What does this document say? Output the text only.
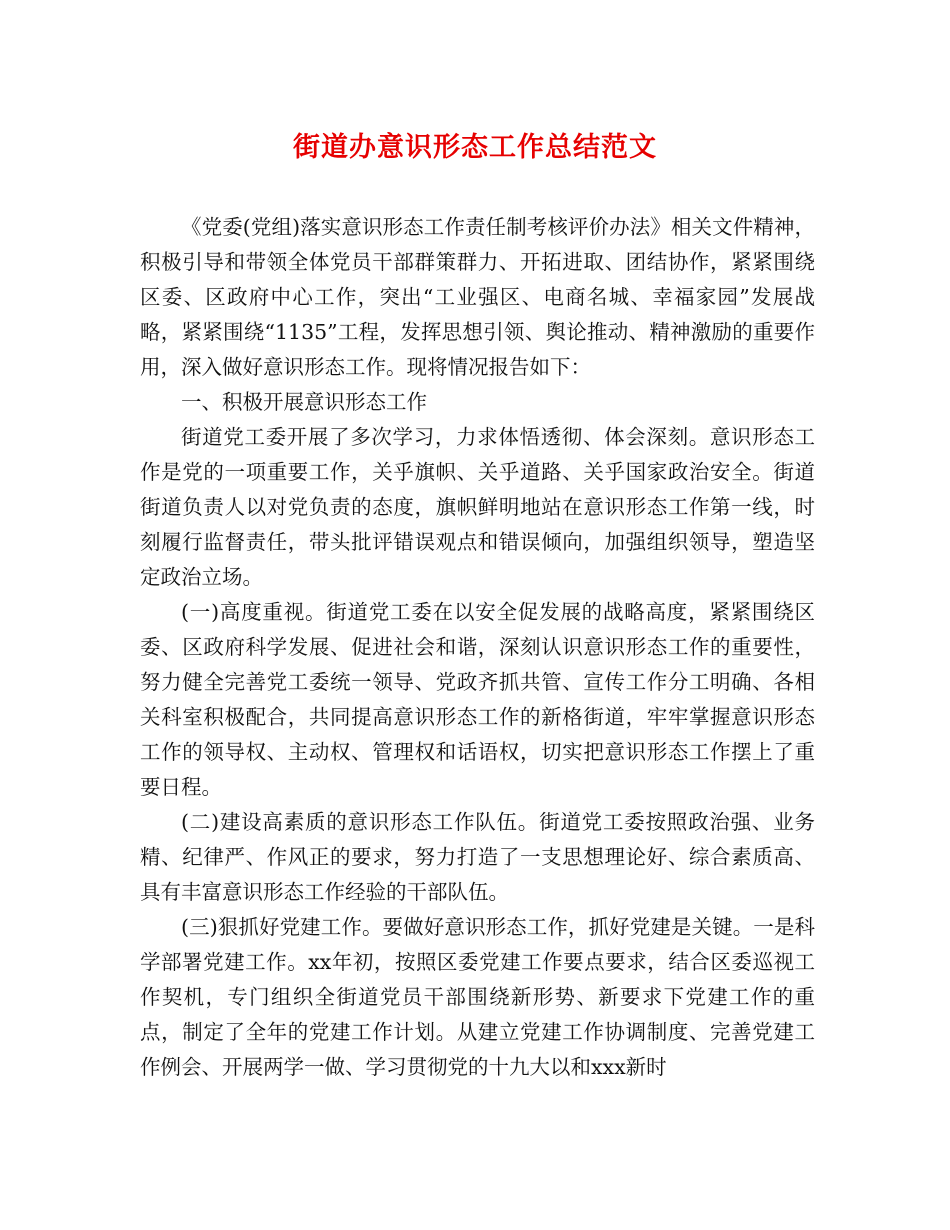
街道办意识形态工作总结范文

《党委(党组)落实意识形态工作责任制考核评价办法》相关文件精神，积极引导和带领全体党员干部群策群力、开拓进取、团结协作，紧紧围绕区委、区政府中心工作，突出“工业强区、电商名城、幸福家园”发展战略，紧紧围绕“1135”工程，发挥思想引领、舆论推动、精神激励的重要作用，深入做好意识形态工作。现将情况报告如下：

一、积极开展意识形态工作

街道党工委开展了多次学习，力求体悟透彻、体会深刻。意识形态工作是党的一项重要工作，关乎旗帜、关乎道路、关乎国家政治安全。街道街道负责人以对党负责的态度，旗帜鲜明地站在意识形态工作第一线，时刻履行监督责任，带头批评错误观点和错误倾向，加强组织领导，塑造坚定政治立场。

(一)高度重视。街道党工委在以安全促发展的战略高度，紧紧围绕区委、区政府科学发展、促进社会和谐，深刻认识意识形态工作的重要性，努力健全完善党工委统一领导、党政齐抓共管、宣传工作分工明确、各相关科室积极配合，共同提高意识形态工作的新格街道，牢牢掌握意识形态工作的领导权、主动权、管理权和话语权，切实把意识形态工作摆上了重要日程。

(二)建设高素质的意识形态工作队伍。街道党工委按照政治强、业务精、纪律严、作风正的要求，努力打造了一支思想理论好、综合素质高、具有丰富意识形态工作经验的干部队伍。

(三)狠抓好党建工作。要做好意识形态工作，抓好党建是关键。一是科学部署党建工作。xx年初，按照区委党建工作要点要求，结合区委巡视工作契机，专门组织全街道党员干部围绕新形势、新要求下党建工作的重点，制定了全年的党建工作计划。从建立党建工作协调制度、完善党建工作例会、开展两学一做、学习贯彻党的十九大以和xxx新时
